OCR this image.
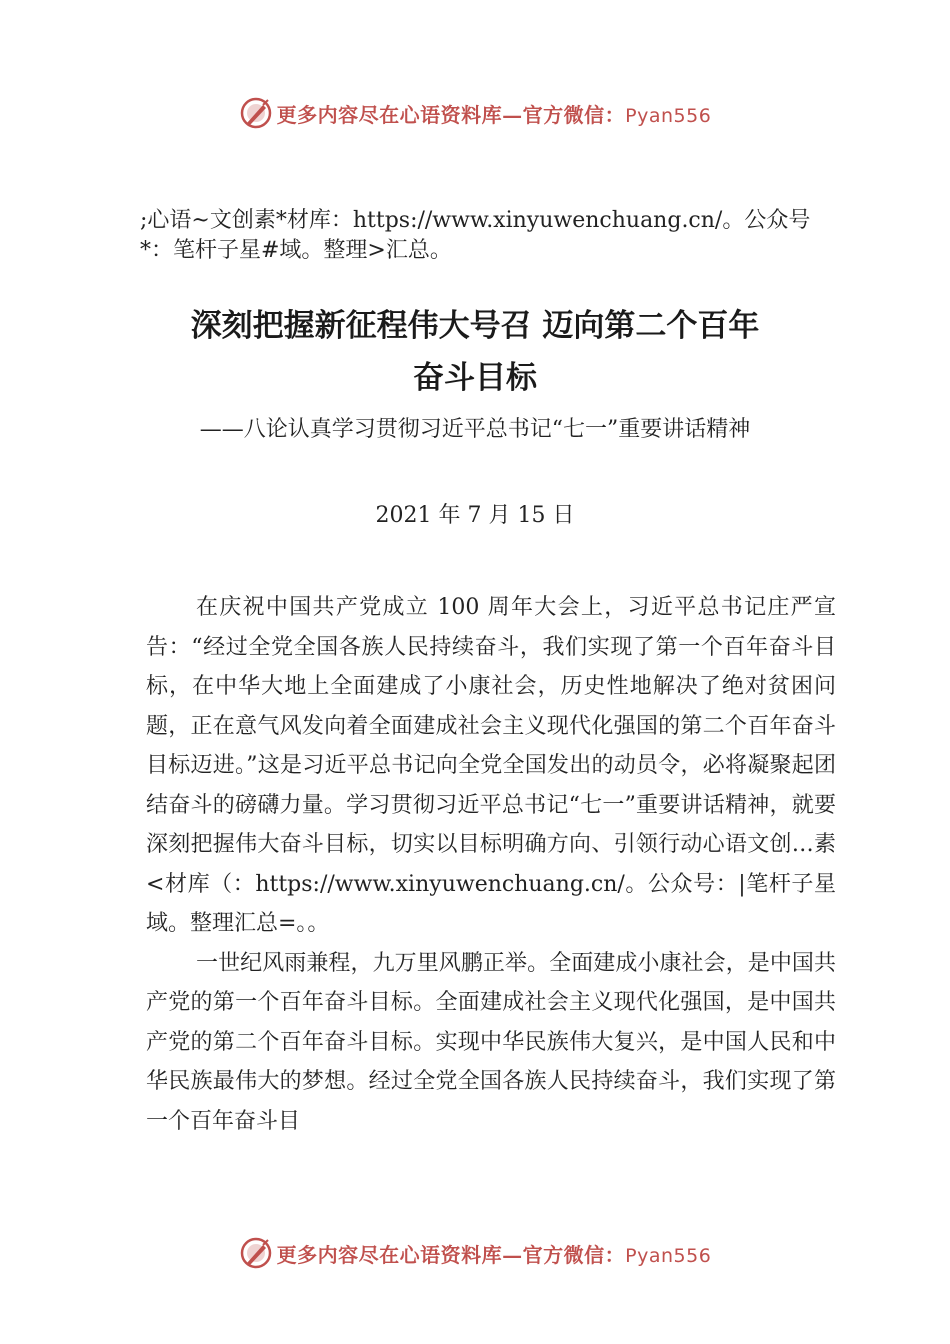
更多内容尽在心语资料库—官方微信：Pyan556
;心语~文创素*材库：https://www.xinyuwenchuang.cn/。公众号*：笔杆子星#域。整理>汇总。
深刻把握新征程伟大号召 迈向第二个百年
奋斗目标
——八论认真学习贯彻习近平总书记“七一”重要讲话精神
2021 年 7 月 15 日

在庆祝中国共产党成立 100 周年大会上，习近平总书记庄严宣告：“经过全党全国各族人民持续奋斗，我们实现了第一个百年奋斗目标，在中华大地上全面建成了小康社会，历史性地解决了绝对贫困问题，正在意气风发向着全面建成社会主义现代化强国的第二个百年奋斗目标迈进。”这是习近平总书记向全党全国发出的动员令，必将凝聚起团结奋斗的磅礴力量。学习贯彻习近平总书记“七一”重要讲话精神，就要深刻把握伟大奋斗目标，切实以目标明确方向、引领行动心语文创…素<材库（：https://www.xinyuwenchuang.cn/。公众号：|笔杆子星域。整理汇总=。。

一世纪风雨兼程，九万里风鹏正举。全面建成小康社会，是中国共产党的第一个百年奋斗目标。全面建成社会主义现代化强国，是中国共产党的第二个百年奋斗目标。实现中华民族伟大复兴，是中国人民和中华民族最伟大的梦想。经过全党全国各族人民持续奋斗，我们实现了第一个百年奋斗目

更多内容尽在心语资料库—官方微信：Pyan556
